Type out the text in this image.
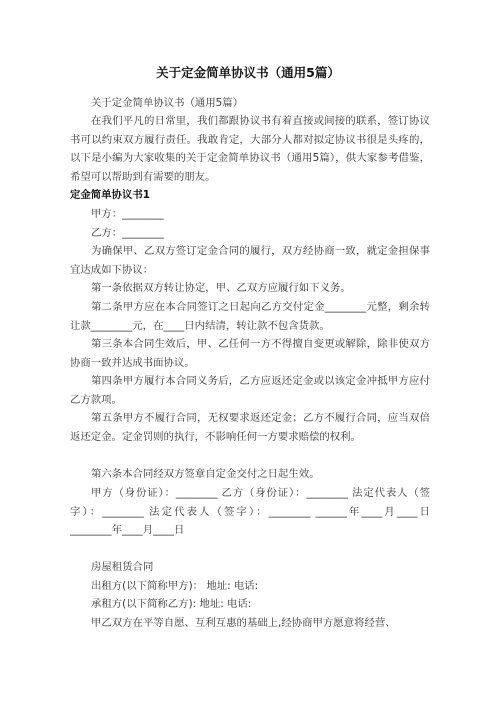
关于定金简单协议书（通用5篇）

关于定金简单协议书（通用5篇）

在我们平凡的日常里，我们都跟协议书有着直接或间接的联系，签订协议书可以约束双方履行责任。我敢肯定，大部分人都对拟定协议书很是头疼的，以下是小编为大家收集的关于定金简单协议书（通用5篇），供大家参考借鉴，希望可以帮助到有需要的朋友。

定金简单协议书1

甲方：________

乙方：________

为确保甲、乙双方签订定金合同的履行，双方经协商一致，就定金担保事宜达成如下协议：

第一条依据双方转让协定，甲、乙双方应履行如下义务。

第二条甲方应在本合同签订之日起向乙方交付定金________元整，剩余转让款________元，在____日内结清，转让款不包含货款。

第三条本合同生效后，甲、乙任何一方不得擅自变更或解除，除非使双方协商一致并达成书面协议。

第四条甲方履行本合同义务后，乙方应返还定金或以该定金冲抵甲方应付乙方款项。

第五条甲方不履行合同，无权要求返还定金；乙方不履行合同，应当双倍返还定金。定金罚则的执行，不影响任何一方要求赔偿的权利。

第六条本合同经双方签章自定金交付之日起生效。

甲方（身份证）：________ 乙方（身份证）：________ 法定代表人（签字）：________ 法定代表人（签字）：________ ______年____月____日 ________年____月____日

房屋租赁合同

出租方(以下简称甲方)： 地址: 电话:

承租方(以下简称乙方): 地址: 电话:

甲乙双方在平等自愿、互利互惠的基础上,经协商甲方愿意将经营、
